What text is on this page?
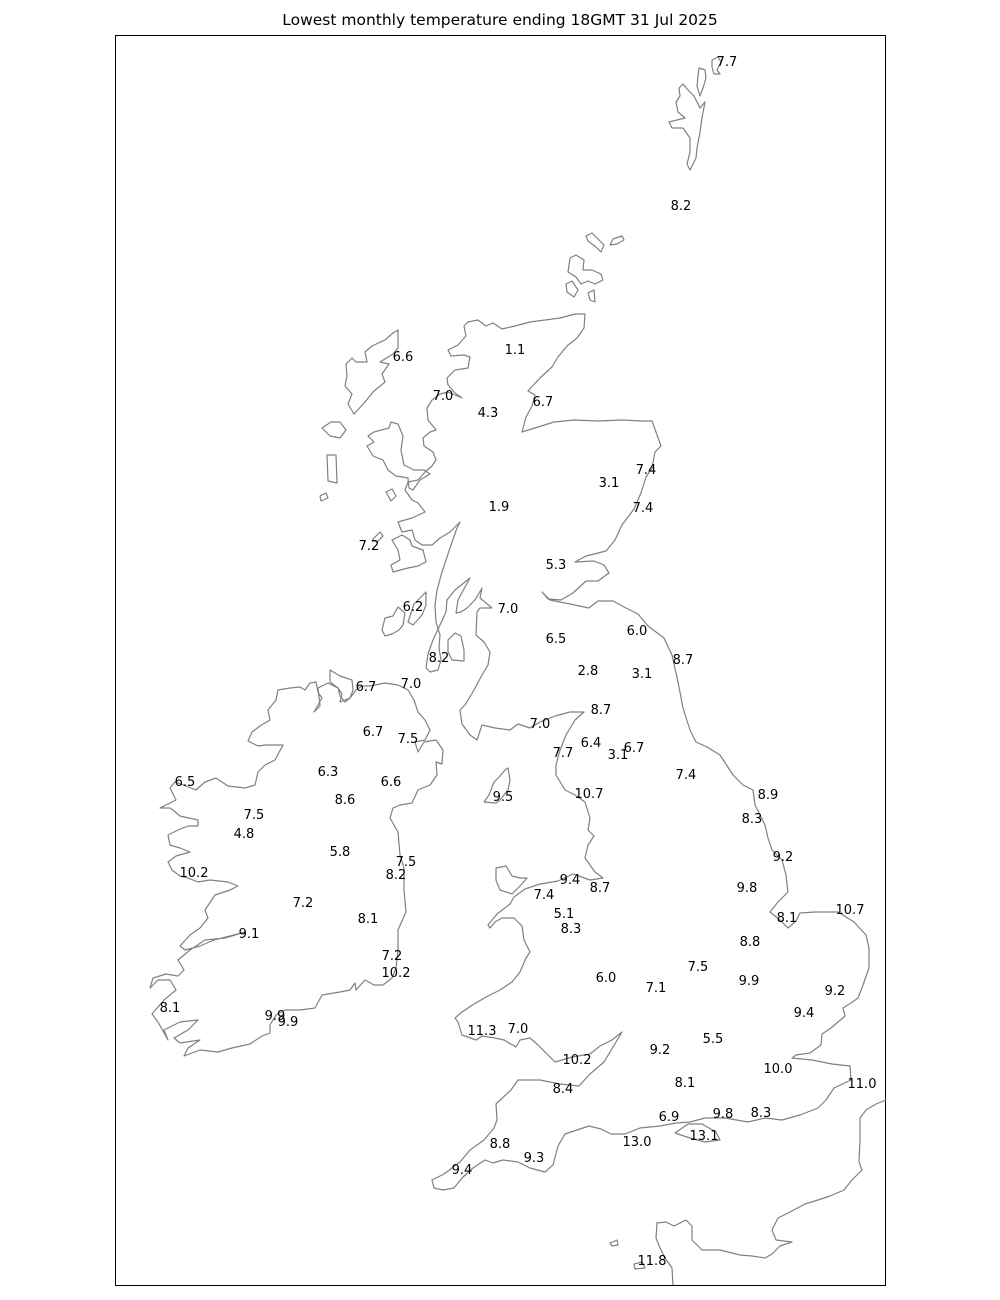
Lowest monthly temperature ending 18GMT 31 Jul 2025
7.7
8.2
1.1
6.6
7.0
4.3
6.7
3.1
7.4
7.4
1.9
7.2
5.3
6.2	7.0
6.5
6.0
8.7
8.2
2.8	3.1
6.7 7.0
7.0
8.7
6.7 7.5
7.7
6.4
3.1
6.7
7.4
6.5
6.3
6.6
9.5	10.7	8.9
7.5
8.6
4.8
8.3
5.8	9.2
7.5
10.2	8.2	9.4
8.7
7.4	9.8
7.2
5.1
8.1	8.1
10.7
8.3
9.1
8.8
7.2
10.2	7.5
6.0
7.1	9.9
9.2
8.1
9.9
9.9
9.4
11.3 7.0
5.5
10.2
9.2
10.0
11.0
8.4	8.1
6.9	9.8 8.3
13.1
13.0
8.8
9.3
9.4
11.8
